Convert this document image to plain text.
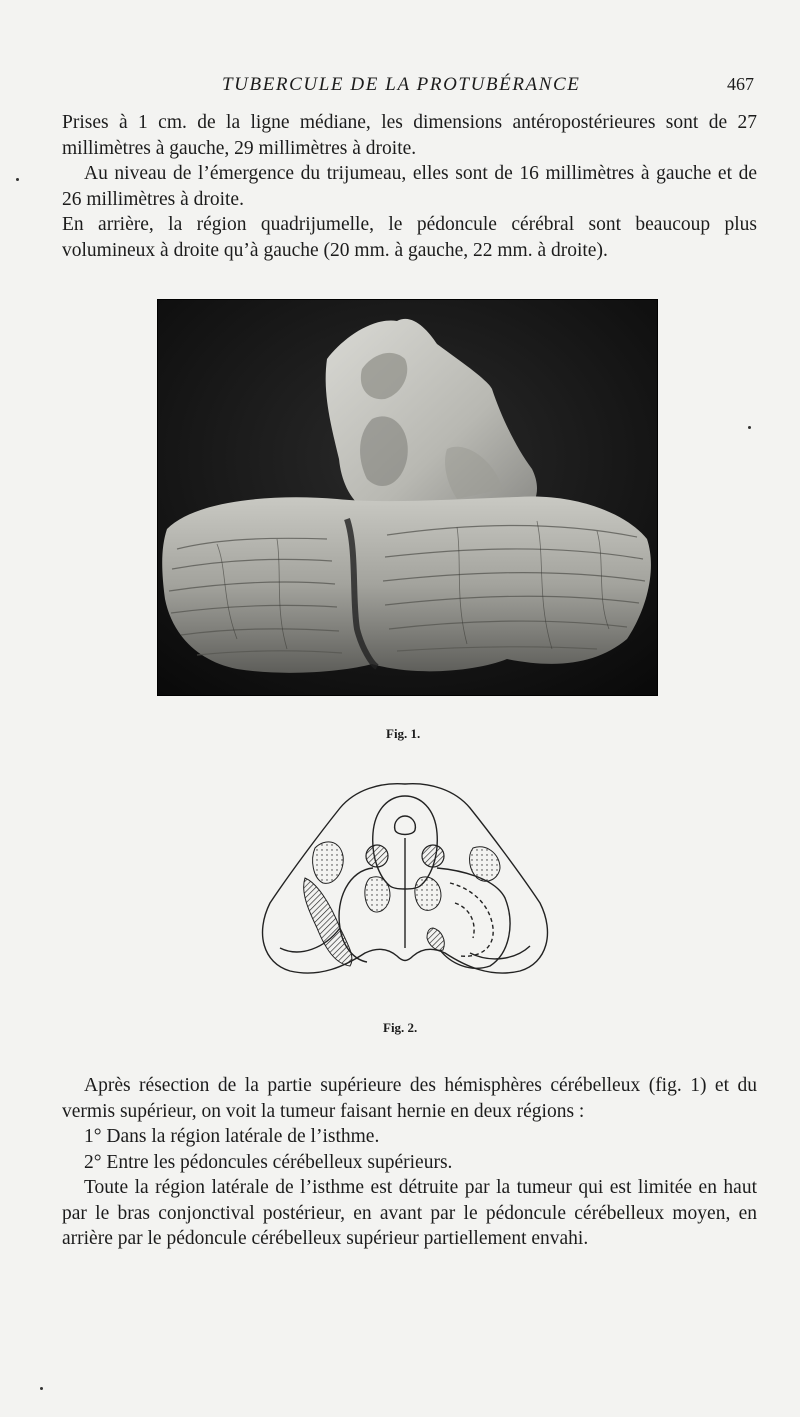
TUBERCULE DE LA PROTUBÉRANCE	467

Prises à 1 cm. de la ligne médiane, les dimensions antéropostérieures sont de 27 millimètres à gauche, 29 millimètres à droite.

Au niveau de l’émergence du trijumeau, elles sont de 16 millimètres à gauche et de 26 millimètres à droite.

En arrière, la région quadrijumelle, le pédoncule cérébral sont beaucoup plus volumineux à droite qu’à gauche (20 mm. à gauche, 22 mm. à droite).

Fig. 1.
Fig. 2.

Après résection de la partie supérieure des hémisphères cérébelleux (fig. 1) et du vermis supérieur, on voit la tumeur faisant hernie en deux régions :

1° Dans la région latérale de l’isthme.

2° Entre les pédoncules cérébelleux supérieurs.

Toute la région latérale de l’isthme est détruite par la tumeur qui est limitée en haut par le bras conjonctival postérieur, en avant par le pédoncule cérébelleux moyen, en arrière par le pédoncule cérébelleux supérieur partiellement envahi.
